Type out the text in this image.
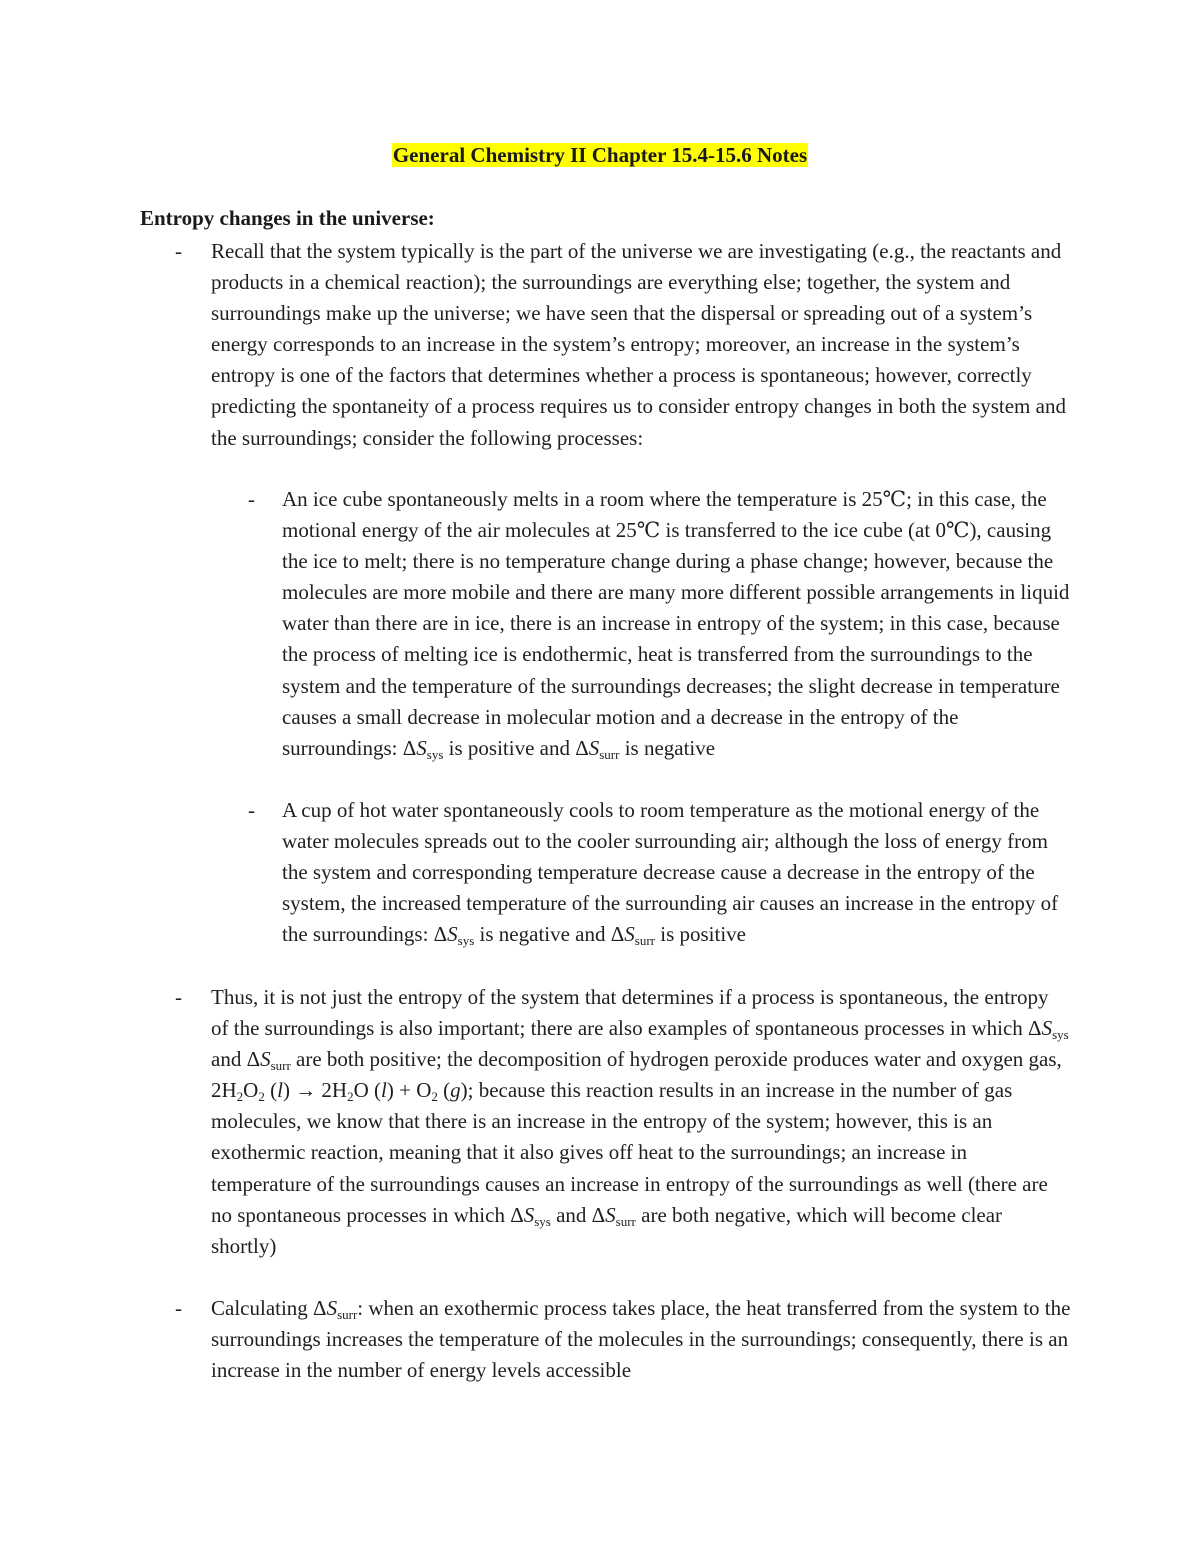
General Chemistry II Chapter 15.4-15.6 Notes
Entropy changes in the universe:
- Recall that the system typically is the part of the universe we are investigating (e.g., the reactants and products in a chemical reaction); the surroundings are everything else; together, the system and surroundings make up the universe; we have seen that the dispersal or spreading out of a system’s energy corresponds to an increase in the system’s entropy; moreover, an increase in the system’s entropy is one of the factors that determines whether a process is spontaneous; however, correctly predicting the spontaneity of a process requires us to consider entropy changes in both the system and the surroundings; consider the following processes:
- An ice cube spontaneously melts in a room where the temperature is 25℃; in this case, the motional energy of the air molecules at 25℃ is transferred to the ice cube (at 0℃), causing the ice to melt; there is no temperature change during a phase change; however, because the molecules are more mobile and there are many more different possible arrangements in liquid water than there are in ice, there is an increase in entropy of the system; in this case, because the process of melting ice is endothermic, heat is transferred from the surroundings to the system and the temperature of the surroundings decreases; the slight decrease in temperature causes a small decrease in molecular motion and a decrease in the entropy of the surroundings: $\Delta S_{sys}$ is positive and $\Delta S_{surr}$ is negative
- A cup of hot water spontaneously cools to room temperature as the motional energy of the water molecules spreads out to the cooler surrounding air; although the loss of energy from the system and corresponding temperature decrease cause a decrease in the entropy of the system, the increased temperature of the surrounding air causes an increase in the entropy of the surroundings: $\Delta S_{sys}$ is negative and $\Delta S_{surr}$ is positive
- Thus, it is not just the entropy of the system that determines if a process is spontaneous, the entropy of the surroundings is also important; there are also examples of spontaneous processes in which $\Delta S_{sys}$ and $\Delta S_{surr}$ are both positive; the decomposition of hydrogen peroxide produces water and oxygen gas, $2H_2O_2$ $(l) \to 2H_2O$ $(l) + O_2$ (g); because this reaction results in an increase in the number of gas molecules, we know that there is an increase in the entropy of the system; however, this is an exothermic reaction, meaning that it also gives off heat to the surroundings; an increase in temperature of the surroundings causes an increase in entropy of the surroundings as well (there are no spontaneous processes in which $\Delta S_{sys}$ and $\Delta S_{surr}$ are both negative, which will become clear shortly)
- Calculating $\Delta S_{surr}$: when an exothermic process takes place, the heat transferred from the system to the surroundings increases the temperature of the molecules in the surroundings; consequently, there is an increase in the number of energy levels accessible
